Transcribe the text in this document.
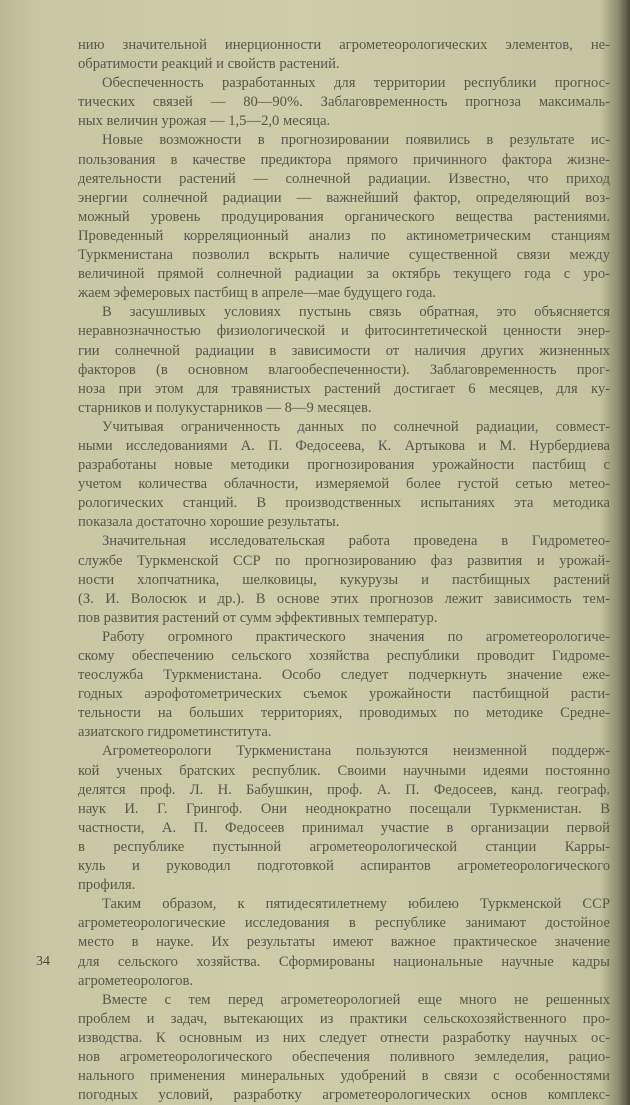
нию значительной инерционности агрометеорологических элементов, не-
обратимости реакций и свойств растений.
Обеспеченность разработанных для территории республики прогнос-
тических связей — 80—90%. Заблаговременность прогноза максималь-
ных величин урожая — 1,5—2,0 месяца.
Новые возможности в прогнозировании появились в результате ис-
пользования в качестве предиктора прямого причинного фактора жизне-
деятельности растений — солнечной радиации. Известно, что приход
энергии солнечной радиации — важнейший фактор, определяющий воз-
можный уровень продуцирования органического вещества растениями.
Проведенный корреляционный анализ по актинометрическим станциям
Туркменистана позволил вскрыть наличие существенной связи между
величиной прямой солнечной радиации за октябрь текущего года с уро-
жаем эфемеровых пастбищ в апреле—мае будущего года.
В засушливых условиях пустынь связь обратная, это объясняется
неравнозначностью физиологической и фитосинтетической ценности энер-
гии солнечной радиации в зависимости от наличия других жизненных
факторов (в основном влагообеспеченности). Заблаговременность прог-
ноза при этом для травянистых растений достигает 6 месяцев, для ку-
старников и полукустарников — 8—9 месяцев.
Учитывая ограниченность данных по солнечной радиации, совмест-
ными исследованиями А. П. Федосеева, К. Артыкова и М. Нурбердиева
разработаны новые методики прогнозирования урожайности пастбищ с
учетом количества облачности, измеряемой более густой сетью метео-
рологических станций. В производственных испытаниях эта методика
показала достаточно хорошие результаты.
Значительная исследовательская работа проведена в Гидрометео-
службе Туркменской ССР по прогнозированию фаз развития и урожай-
ности хлопчатника, шелковицы, кукурузы и пастбищных растений
(З. И. Волосюк и др.). В основе этих прогнозов лежит зависимость тем-
пов развития растений от сумм эффективных температур.
Работу огромного практического значения по агрометеорологиче-
скому обеспечению сельского хозяйства республики проводит Гидроме-
теослужба Туркменистана. Особо следует подчеркнуть значение еже-
годных аэрофотометрических съемок урожайности пастбищной расти-
тельности на больших территориях, проводимых по методике Средне-
азиатского гидрометинститута.
Агрометеорологи Туркменистана пользуются неизменной поддерж-
кой ученых братских республик. Своими научными идеями постоянно
делятся проф. Л. Н. Бабушкин, проф. А. П. Федосеев, канд. географ.
наук И. Г. Грингоф. Они неоднократно посещали Туркменистан. В
частности, А. П. Федосеев принимал участие в организации первой
в республике пустынной агрометеорологической станции Карры-
куль и руководил подготовкой аспирантов агрометеорологического
профиля.
Таким образом, к пятидесятилетнему юбилею Туркменской ССР
агрометеорологические исследования в республике занимают достойное
место в науке. Их результаты имеют важное практическое значение
для сельского хозяйства. Сформированы национальные научные кадры
агрометеорологов.
Вместе с тем перед агрометеорологией еще много не решенных
проблем и задач, вытекающих из практики сельскохозяйственного про-
изводства. К основным из них следует отнести разработку научных ос-
нов агрометеорологического обеспечения поливного земледелия, рацио-
нального применения минеральных удобрений в связи с особенностями
погодных условий, разработку агрометеорологических основ комплекс-
34
